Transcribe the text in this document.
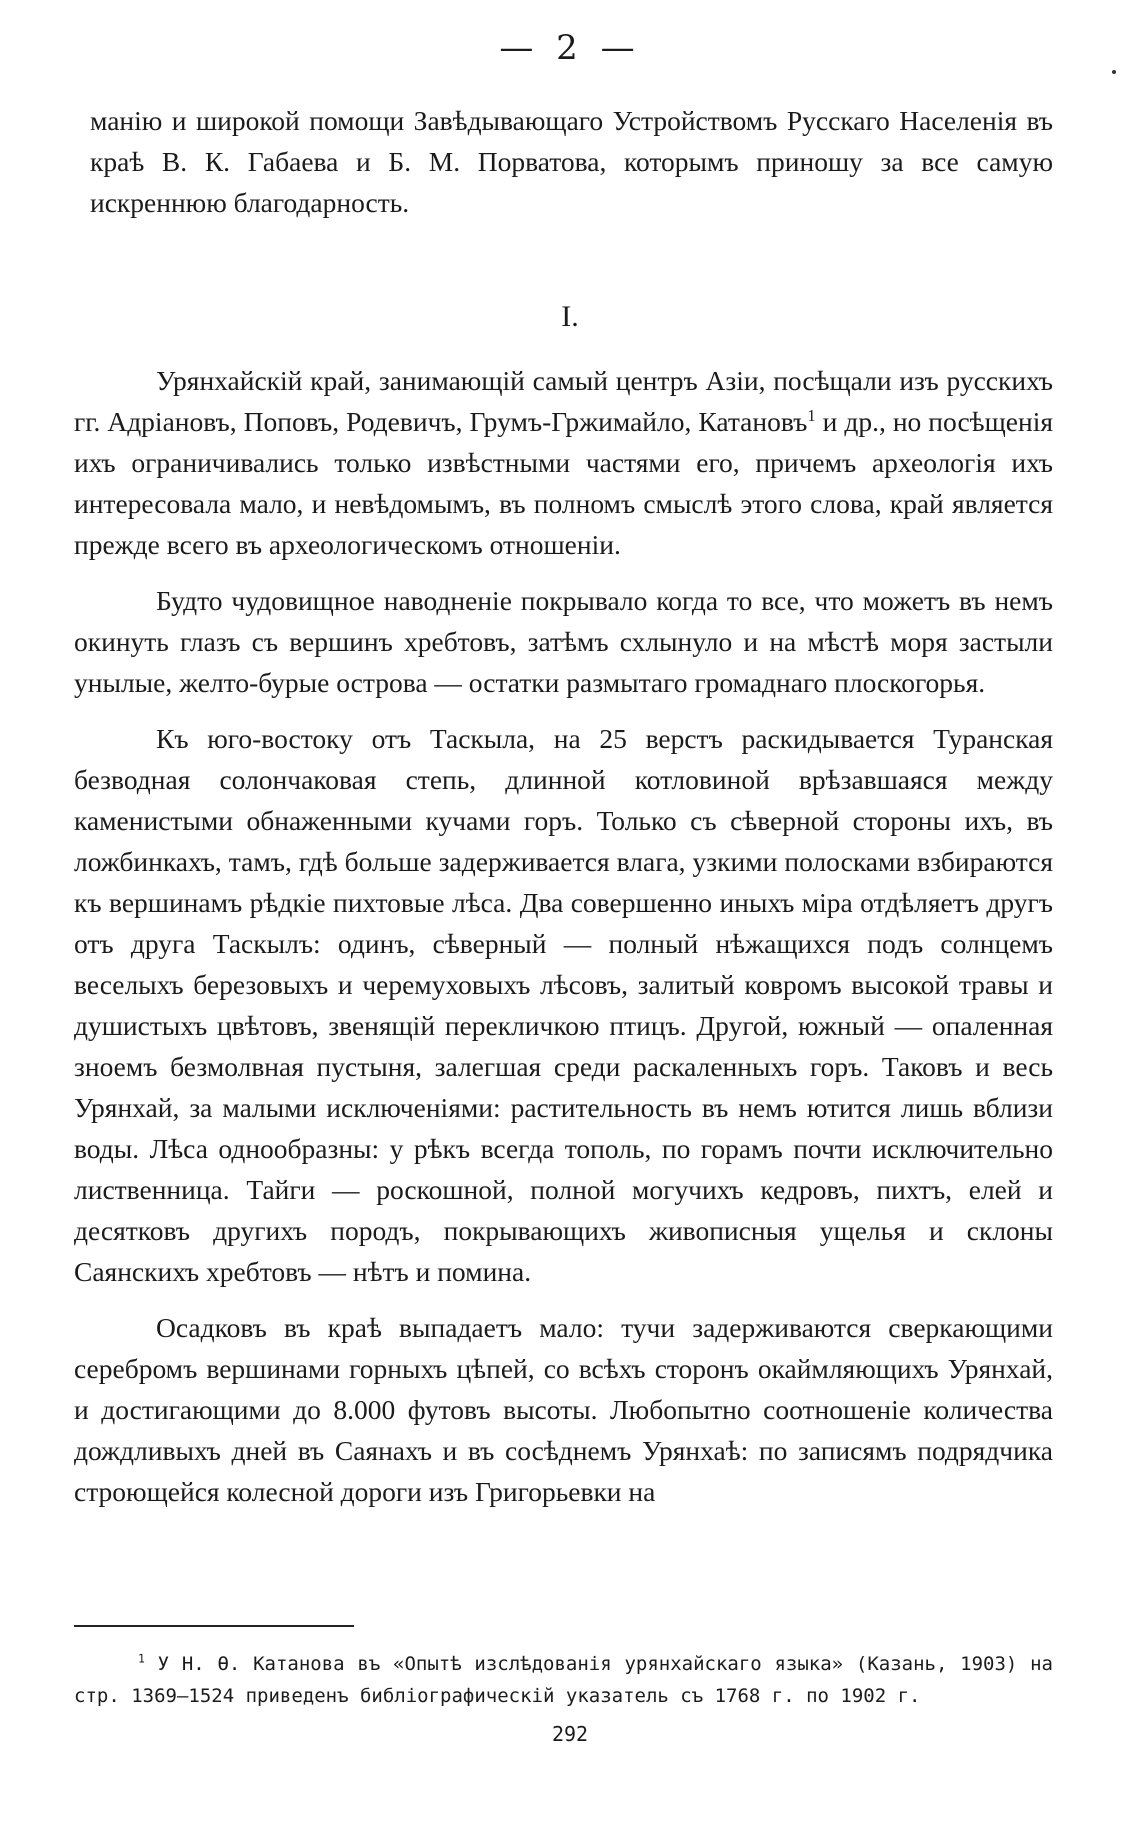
— 2 —

манію и широкой помощи Завѣдывающаго Устройствомъ Русскаго Населенія въ краѣ В. К. Габаева и Б. М. Порватова, которымъ приношу за все самую искреннюю благодарность.

I.

Урянхайскій край, занимающій самый центръ Азіи, посѣщали изъ русскихъ гг. Адріановъ, Поповъ, Родевичъ, Грумъ-Гржимайло, Катановъ$^1$ и др., но посѣщенія ихъ ограничивались только извѣстными частями его, причемъ археологія ихъ интересовала мало, и невѣдомымъ, въ полномъ смыслѣ этого слова, край является прежде всего въ археологическомъ отношеніи.

Будто чудовищное наводненіе покрывало когда то все, что можетъ въ немъ окинуть глазъ съ вершинъ хребтовъ, затѣмъ схлынуло и на мѣстѣ моря застыли унылые, желто-бурые острова — остатки размытаго громаднаго плоскогорья.

Къ юго-востоку отъ Таскыла, на 25 верстъ раскидывается Туранская безводная солончаковая степь, длинной котловиной врѣзавшаяся между каменистыми обнаженными кучами горъ. Только съ сѣверной стороны ихъ, въ ложбинкахъ, тамъ, гдѣ больше задерживается влага, узкими полосками взбираются къ вершинамъ рѣдкіе пихтовые лѣса. Два совершенно иныхъ міра отдѣляетъ другъ отъ друга Таскылъ: одинъ, сѣверный — полный нѣжащихся подъ солнцемъ веселыхъ березовыхъ и черемуховыхъ лѣсовъ, залитый ковромъ высокой травы и душистыхъ цвѣтовъ, звенящій перекличкою птицъ. Другой, южный — опаленная зноемъ безмолвная пустыня, залегшая среди раскаленныхъ горъ. Таковъ и весь Урянхай, за малыми исключеніями: растительность въ немъ ютится лишь вблизи воды. Лѣса однообразны: у рѣкъ всегда тополь, по горамъ почти исключительно лиственница. Тайги — роскошной, полной могучихъ кедровъ, пихтъ, елей и десятковъ другихъ породъ, покрывающихъ живописныя ущелья и склоны Саянскихъ хребтовъ — нѣтъ и помина.

Осадковъ въ краѣ выпадаетъ мало: тучи задерживаются сверкающими серебромъ вершинами горныхъ цѣпей, со всѣхъ сторонъ окаймляющихъ Урянхай, и достигающими до 8.000 футовъ высоты. Любопытно соотношеніе количества дождливыхъ дней въ Саянахъ и въ сосѣднемъ Урянхаѣ: по записямъ подрядчика строющейся колесной дороги изъ Григорьевки на

$^1$ У Н. Ѳ. Катанова въ «Опытѣ изслѣдованія урянхайскаго языка» (Казань, 1903) на стр. 1369—1524 приведенъ библіографическій указатель съ 1768 г. по 1902 г.
292
